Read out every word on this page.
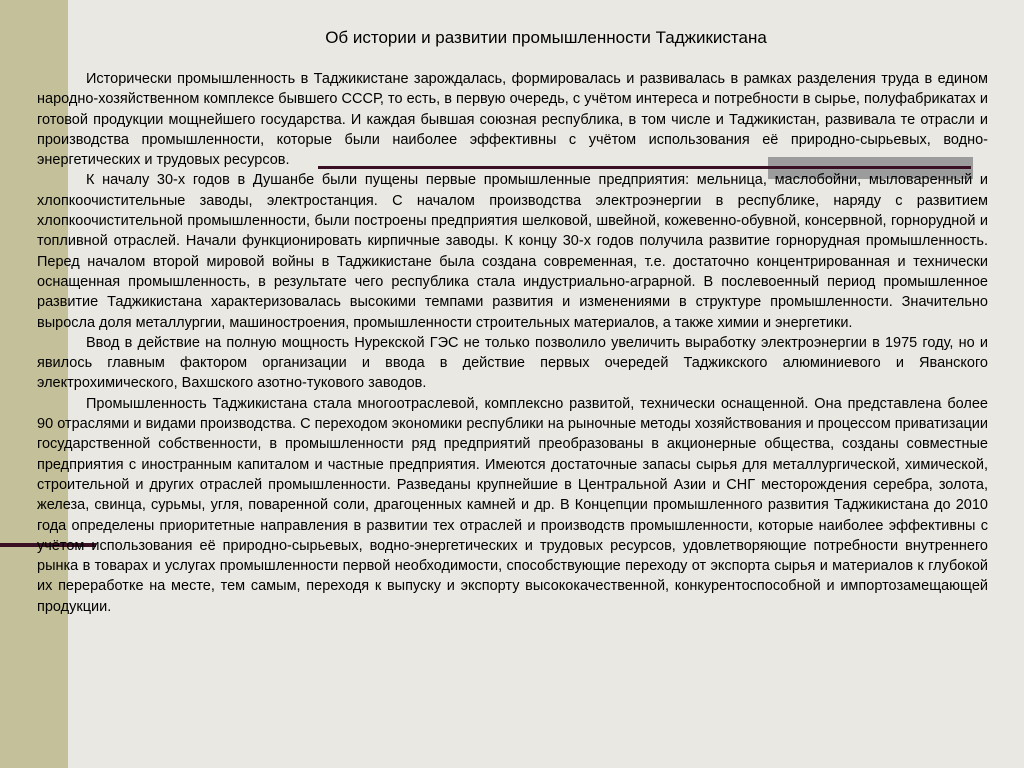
Об истории и развитии промышленности Таджикистана

Исторически промышленность в Таджикистане зарождалась, формировалась и развивалась в рамках разделения труда в едином народно-хозяйственном комплексе бывшего СССР, то есть, в первую очередь, с учётом интереса и потребности в сырье, полуфабрикатах и готовой продукции мощнейшего государства. И каждая бывшая союзная республика, в том числе и Таджикистан, развивала те отрасли и производства промышленности, которые были наиболее эффективны с учётом использования её природно-сырьевых, водно-энергетических и трудовых ресурсов.

К началу 30-х годов в Душанбе были пущены первые промышленные предприятия: мельница, маслобойни, мыловаренный и хлопкоочистительные заводы, электростанция. С началом производства электроэнергии в республике, наряду с развитием хлопкоочистительной промышленности, были построены предприятия шелковой, швейной, кожевенно-обувной, консервной, горнорудной и топливной отраслей. Начали функционировать кирпичные заводы. К концу 30-х годов получила развитие горнорудная промышленность. Перед началом второй мировой войны в Таджикистане была создана современная, т.е. достаточно концентрированная и технически оснащенная промышленность, в результате чего республика стала индустриально-аграрной. В послевоенный период промышленное развитие Таджикистана характеризовалась высокими темпами развития и изменениями в структуре промышленности. Значительно выросла доля металлургии, машиностроения, промышленности строительных материалов, а также химии и энергетики.

Ввод в действие на полную мощность Нурекской ГЭС не только позволило увеличить выработку электроэнергии в 1975 году, но и явилось главным фактором организации и ввода в действие первых очередей Таджикского алюминиевого и Яванского электрохимического, Вахшского азотно-тукового заводов.

Промышленность Таджикистана стала многоотраслевой, комплексно развитой, технически оснащенной. Она представлена более 90 отраслями и видами производства. С переходом экономики республики на рыночные методы хозяйствования и процессом приватизации государственной собственности, в промышленности ряд предприятий преобразованы в акционерные общества, созданы совместные предприятия с иностранным капиталом и частные предприятия. Имеются достаточные запасы сырья для металлургической, химической, строительной и других отраслей промышленности. Разведаны крупнейшие в Центральной Азии и СНГ месторождения серебра, золота, железа, свинца, сурьмы, угля, поваренной соли, драгоценных камней и др. В Концепции промышленного развития Таджикистана до 2010 года определены приоритетные направления в развитии тех отраслей и производств промышленности, которые наиболее эффективны с учётом использования её природно-сырьевых, водно-энергетических и трудовых ресурсов, удовлетворяющие потребности внутреннего рынка в товарах и услугах промышленности первой необходимости, способствующие переходу от экспорта сырья и материалов к глубокой их переработке на месте, тем самым, переходя к выпуску и экспорту высококачественной, конкурентоспособной и импортозамещающей продукции.
